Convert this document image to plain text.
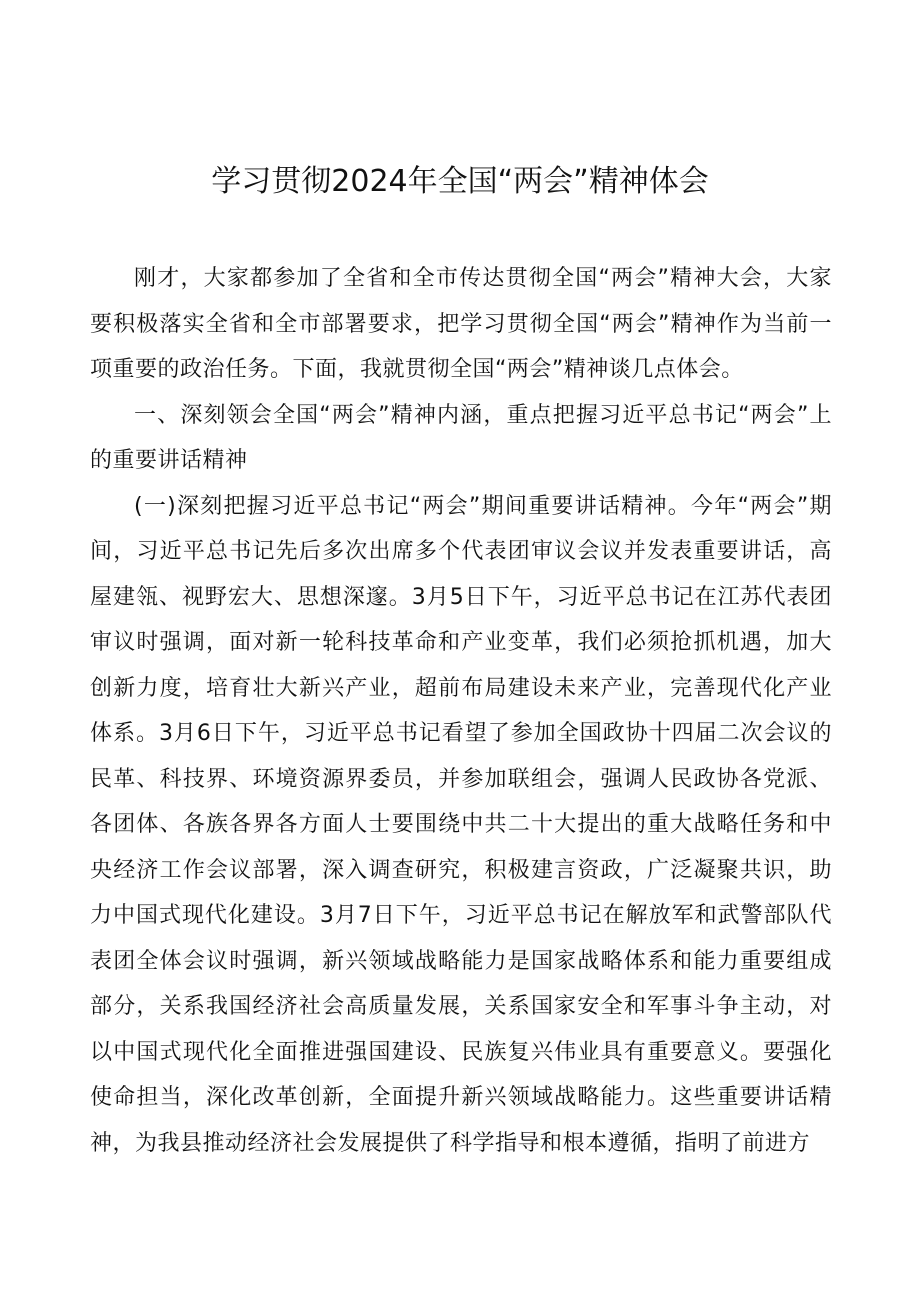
学习贯彻2024年全国“两会”精神体会

刚才，大家都参加了全省和全市传达贯彻全国“两会”精神大会，大家要积极落实全省和全市部署要求，把学习贯彻全国“两会”精神作为当前一项重要的政治任务。下面，我就贯彻全国“两会”精神谈几点体会。

一、深刻领会全国“两会”精神内涵，重点把握习近平总书记“两会”上的重要讲话精神

(一)深刻把握习近平总书记“两会”期间重要讲话精神。今年“两会”期间，习近平总书记先后多次出席多个代表团审议会议并发表重要讲话，高屋建瓴、视野宏大、思想深邃。3月5日下午，习近平总书记在江苏代表团审议时强调，面对新一轮科技革命和产业变革，我们必须抢抓机遇，加大创新力度，培育壮大新兴产业，超前布局建设未来产业，完善现代化产业体系。3月6日下午，习近平总书记看望了参加全国政协十四届二次会议的民革、科技界、环境资源界委员，并参加联组会，强调人民政协各党派、各团体、各族各界各方面人士要围绕中共二十大提出的重大战略任务和中央经济工作会议部署，深入调查研究，积极建言资政，广泛凝聚共识，助力中国式现代化建设。3月7日下午，习近平总书记在解放军和武警部队代表团全体会议时强调，新兴领域战略能力是国家战略体系和能力重要组成部分，关系我国经济社会高质量发展，关系国家安全和军事斗争主动，对以中国式现代化全面推进强国建设、民族复兴伟业具有重要意义。要强化使命担当，深化改革创新，全面提升新兴领域战略能力。这些重要讲话精神，为我县推动经济社会发展提供了科学指导和根本遵循，指明了前进方
